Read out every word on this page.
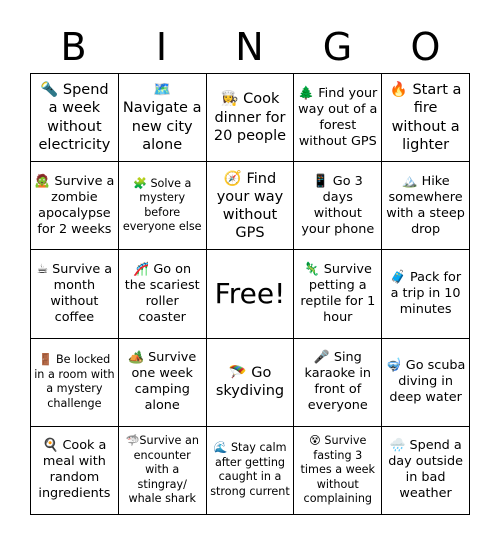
B	I	N	G	O
🔦 Spend a week without electricity
🗺️ Navigate a new city alone
👩‍🍳 Cook dinner for 20 people
🌲 Find your way out of a forest without GPS
🔥 Start a fire without a lighter
🧟 Survive a zombie apocalypse for 2 weeks
🧩 Solve a mystery before everyone else
🧭 Find your way without GPS
📱 Go 3 days without your phone
🏔️ Hike somewhere with a steep drop
☕ Survive a month without coffee
🎢 Go on the scariest roller coaster
Free!
🦎 Survive petting a reptile for 1 hour
🧳 Pack for a trip in 10 minutes
🚪 Be locked in a room with a mystery challenge
🏕️ Survive one week camping alone
🪂 Go skydiving
🎤 Sing karaoke in front of everyone
🤿 Go scuba diving in deep water
🍳 Cook a meal with random ingredients
🦈Survive an encounter with a stingray/ whale shark
🌊 Stay calm after getting caught in a strong current
😵 Survive fasting 3 times a week without complaining
🌧️ Spend a day outside in bad weather
